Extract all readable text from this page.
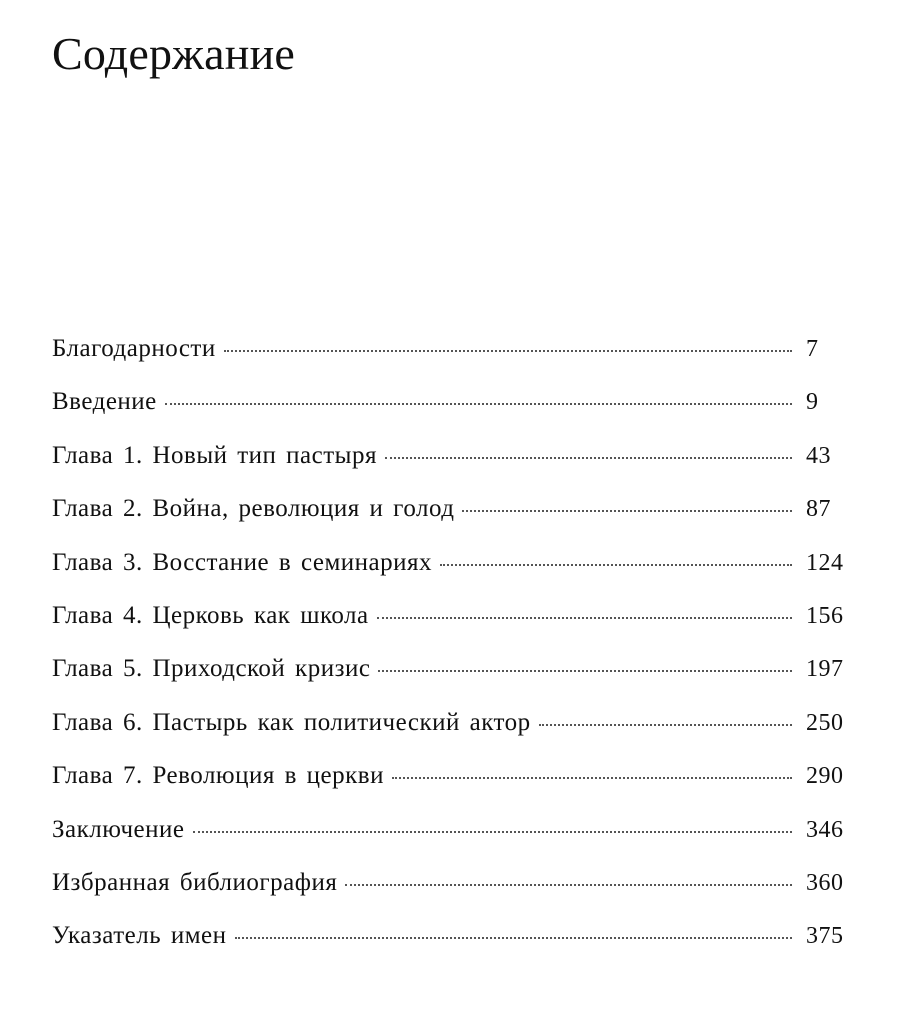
Содержание
Благодарности	7
Введение	9
Глава 1. Новый тип пастыря	43
Глава 2. Война, революция и голод	87
Глава 3. Восстание в семинариях	124
Глава 4. Церковь как школа	156
Глава 5. Приходской кризис	197
Глава 6. Пастырь как политический актор	250
Глава 7. Революция в церкви	290
Заключение	346
Избранная библиография	360
Указатель имен	375
